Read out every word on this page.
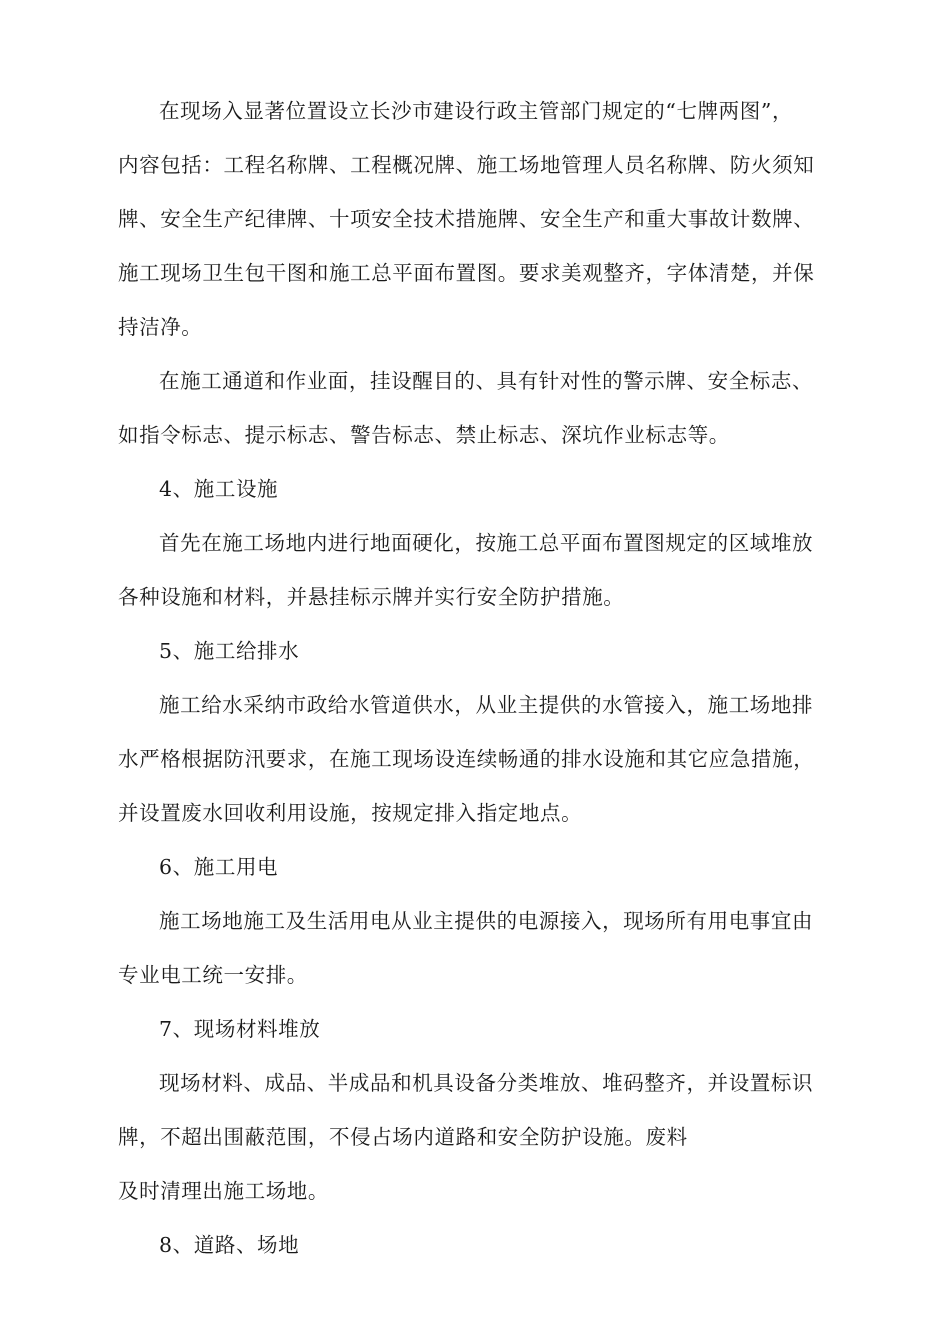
在现场入显著位置设立长沙市建设行政主管部门规定的“七牌两图”，
内容包括：工程名称牌、工程概况牌、施工场地管理人员名称牌、防火须知
牌、安全生产纪律牌、十项安全技术措施牌、安全生产和重大事故计数牌、
施工现场卫生包干图和施工总平面布置图。要求美观整齐，字体清楚，并保
持洁净。
在施工通道和作业面，挂设醒目的、具有针对性的警示牌、安全标志、
如指令标志、提示标志、警告标志、禁止标志、深坑作业标志等。
4、施工设施
首先在施工场地内进行地面硬化，按施工总平面布置图规定的区域堆放
各种设施和材料，并悬挂标示牌并实行安全防护措施。
5、施工给排水
施工给水采纳市政给水管道供水，从业主提供的水管接入，施工场地排
水严格根据防汛要求，在施工现场设连续畅通的排水设施和其它应急措施，
并设置废水回收利用设施，按规定排入指定地点。
6、施工用电
施工场地施工及生活用电从业主提供的电源接入，现场所有用电事宜由
专业电工统一安排。
7、现场材料堆放
现场材料、成品、半成品和机具设备分类堆放、堆码整齐，并设置标识
牌，不超出围蔽范围，不侵占场内道路和安全防护设施。废料
及时清理出施工场地。
8、道路、场地
